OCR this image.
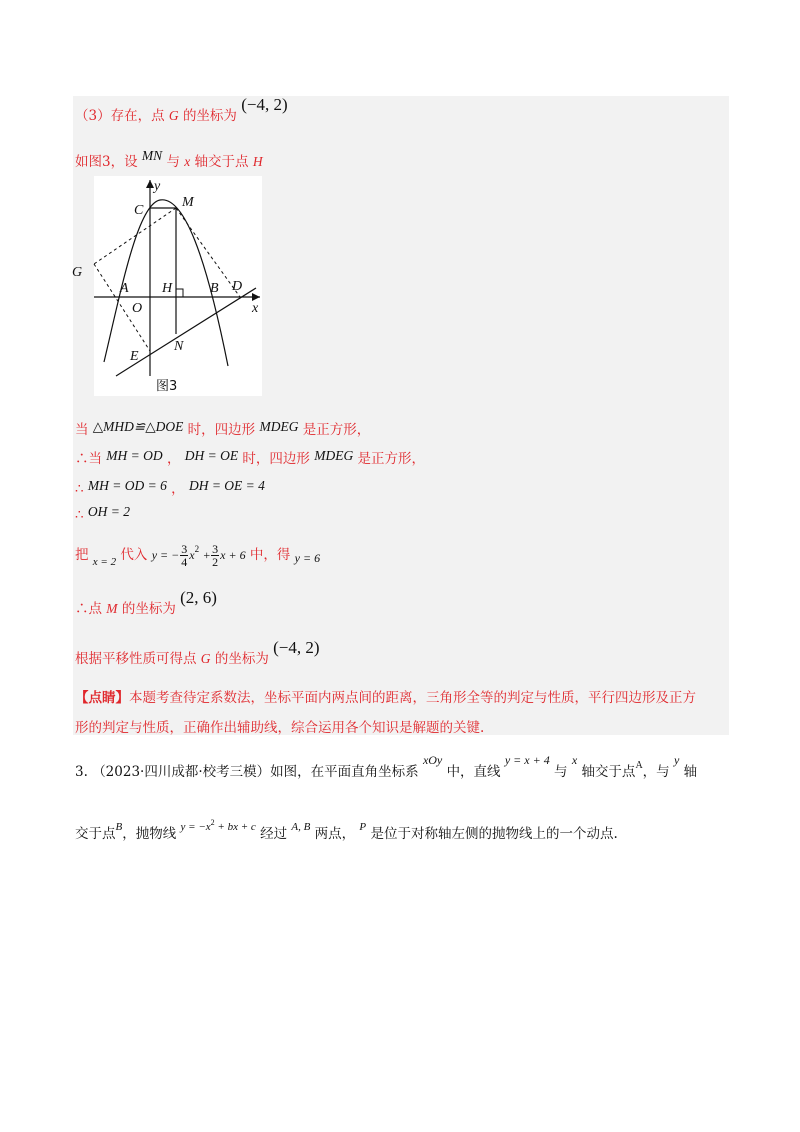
（3）存在，点 G 的坐标为 (−4, 2)
如图3，设 MN 与 x 轴交于点 H
y
x
C
M
G
A
O
H	B D
N
E
图3
当 △MHD≌△DOE 时，四边形 MDEG 是正方形，
∴当 MH = OD ， DH = OE 时，四边形 MDEG 是正方形，
∴ MH = OD = 6 ， DH = OE = 4
∴ OH = 2
把 $_{x = 2}$ 代入 y = − $\frac{3}{4} x^2 + \frac{3}{2}$ x + 6 中，得 y = 6
∴点 M 的坐标为 (2, 6)
根据平移性质可得点 G 的坐标为 (−4, 2)
【点睛】本题考查待定系数法，坐标平面内两点间的距离，三角形全等的判定与性质，平行四边形及正方
形的判定与性质，正确作出辅助线，综合运用各个知识是解题的关键.
3. （2023·四川成都·校考三模）如图，在平面直角坐标系 xOy 中，直线 y = x + 4 与 x 轴交于点$^A$，与 y 轴
交于点$^B$，抛物线 $^{y = -x^2 + bx + c}$ 经过 $^{A, B}$ 两点， $^P$ 是位于对称轴左侧的抛物线上的一个动点.
